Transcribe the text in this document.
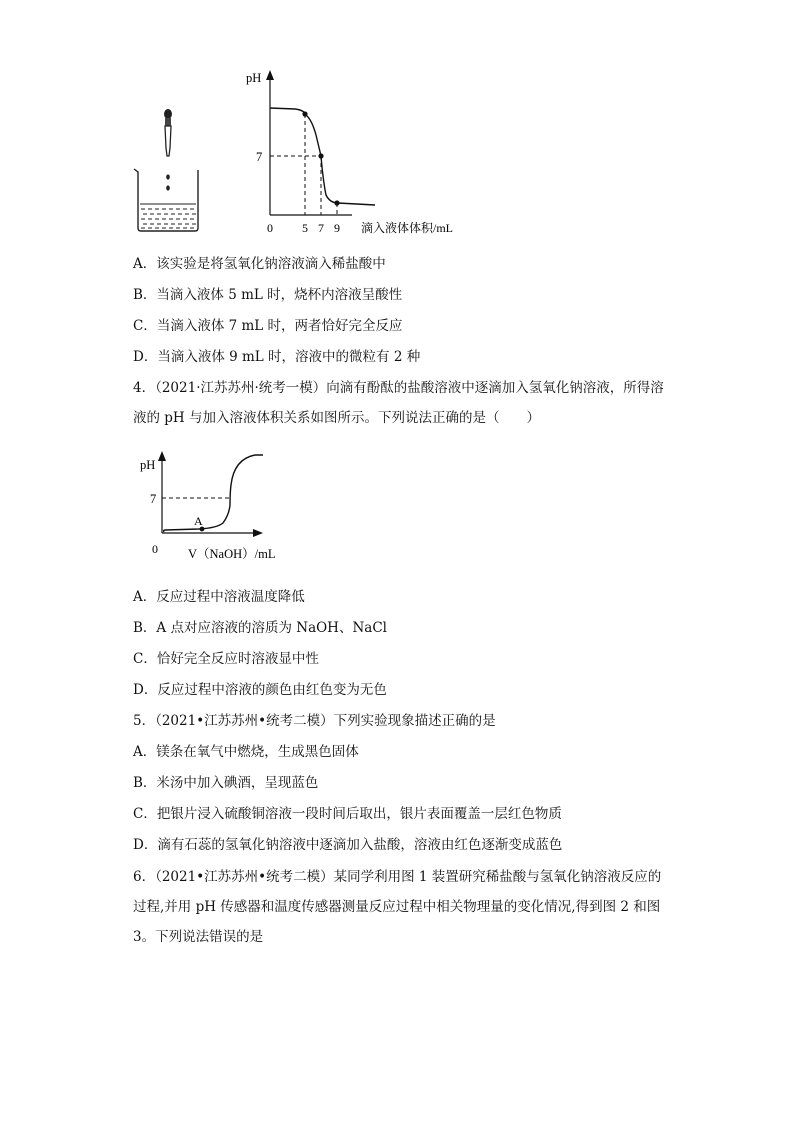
pH
7
0 5 7 9 滴入液体体积/mL
A．该实验是将氢氧化钠溶液滴入稀盐酸中
B．当滴入液体 5 mL 时，烧杯内溶液呈酸性
C．当滴入液体 7 mL 时，两者恰好完全反应
D．当滴入液体 9 mL 时，溶液中的微粒有 2 种
4．（2021·江苏苏州·统考一模）向滴有酚酞的盐酸溶液中逐滴加入氢氧化钠溶液，所得溶液的 pH 与加入溶液体积关系如图所示。下列说法正确的是（　　）
A
pH
7
0 V（NaOH）/mL
A．反应过程中溶液温度降低
B．A 点对应溶液的溶质为 NaOH、NaCl
C．恰好完全反应时溶液显中性
D．反应过程中溶液的颜色由红色变为无色
5．（2021•江苏苏州•统考二模）下列实验现象描述正确的是
A．镁条在氧气中燃烧，生成黑色固体
B．米汤中加入碘酒，呈现蓝色
C．把银片浸入硫酸铜溶液一段时间后取出，银片表面覆盖一层红色物质
D．滴有石蕊的氢氧化钠溶液中逐滴加入盐酸，溶液由红色逐渐变成蓝色
6．（2021•江苏苏州•统考二模）某同学利用图 1 装置研究稀盐酸与氢氧化钠溶液反应的过程,并用 pH 传感器和温度传感器测量反应过程中相关物理量的变化情况,得到图 2 和图 3。下列说法错误的是
